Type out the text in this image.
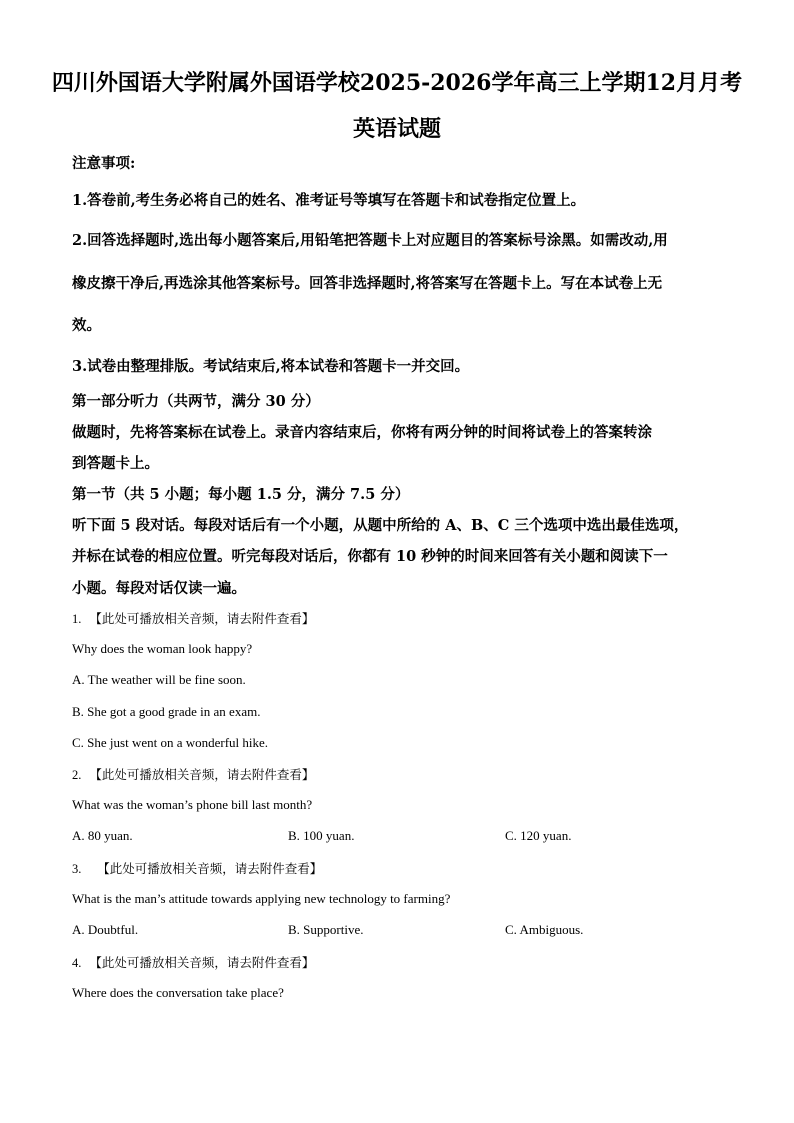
四川外国语大学附属外国语学校2025-2026学年高三上学期12月月考
英语试题
注意事项:
1.答卷前,考生务必将自己的姓名、准考证号等填写在答题卡和试卷指定位置上。
2.回答选择题时,选出每小题答案后,用铅笔把答题卡上对应题目的答案标号涂黑。如需改动,用
橡皮擦干净后,再选涂其他答案标号。回答非选择题时,将答案写在答题卡上。写在本试卷上无
效。
3.试卷由整理排版。考试结束后,将本试卷和答题卡一并交回。
第一部分听力（共两节，满分 30 分）
做题时，先将答案标在试卷上。录音内容结束后，你将有两分钟的时间将试卷上的答案转涂
到答题卡上。
第一节（共 5 小题；每小题 1.5 分，满分 7.5 分）
听下面 5 段对话。每段对话后有一个小题，从题中所给的 A、B、C 三个选项中选出最佳选项，
并标在试卷的相应位置。听完每段对话后，你都有 10 秒钟的时间来回答有关小题和阅读下一
小题。每段对话仅读一遍。
1. 【此处可播放相关音频，请去附件查看】
Why does the woman look happy?
A. The weather will be fine soon.
B. She got a good grade in an exam.
C. She just went on a wonderful hike.
2. 【此处可播放相关音频，请去附件查看】
What was the woman’s phone bill last month?
A. 80 yuan.	B. 100 yuan.	C. 120 yuan.
3. 【此处可播放相关音频，请去附件查看】
What is the man’s attitude towards applying new technology to farming?
A. Doubtful.	B. Supportive.	C. Ambiguous.
4. 【此处可播放相关音频，请去附件查看】
Where does the conversation take place?
